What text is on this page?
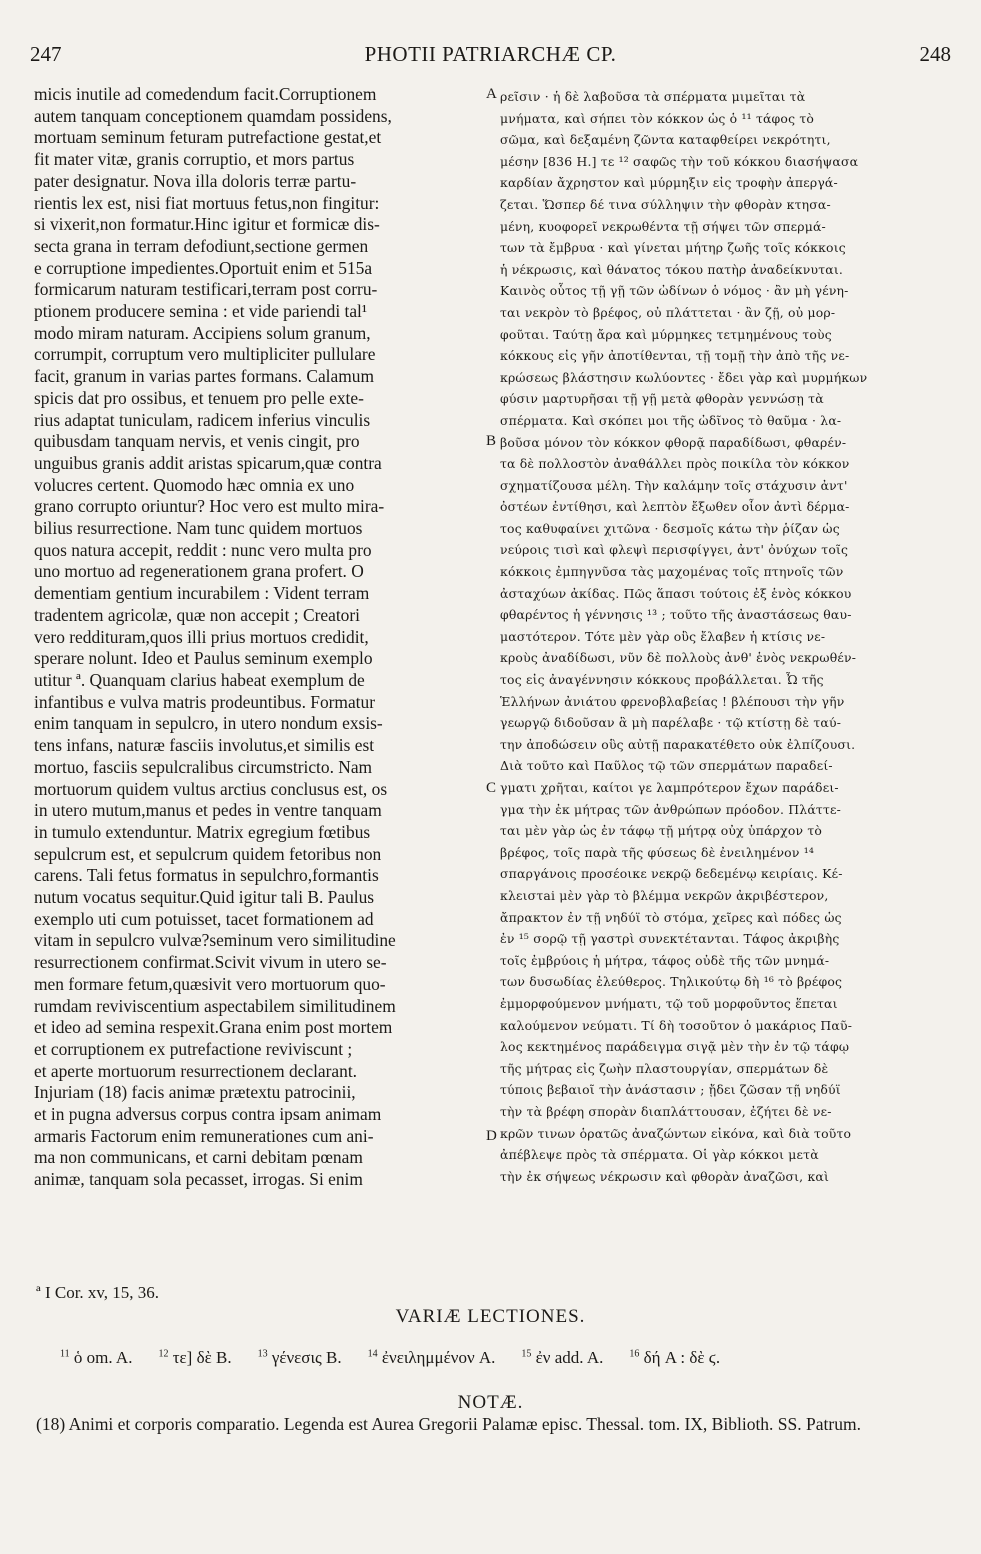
247	PHOTII PATRIARCHÆ CP.	248
micis inutile ad comedendum facit.Corruptionem
autem tanquam conceptionem quamdam possidens,
mortuam seminum feturam putrefactione gestat,et
fit mater vitæ, granis corruptio, et mors partus
pater designatur. Nova illa doloris terræ partu-
rientis lex est, nisi fiat mortuus fetus,non fingitur:
si vixerit,non formatur.Hinc igitur et formicæ dis-
secta grana in terram defodiunt,sectione germen
e corruptione impedientes.Oportuit enim et 515a
formicarum naturam testificari,terram post corru-
ptionem producere semina : et vide pariendi tal¹
modo miram naturam. Accipiens solum granum,
corrumpit, corruptum vero multipliciter pullulare
facit, granum in varias partes formans. Calamum
spicis dat pro ossibus, et tenuem pro pelle exte-
rius adaptat tuniculam, radicem inferius vinculis
quibusdam tanquam nervis, et venis cingit, pro
unguibus granis addit aristas spicarum,quæ contra
volucres certent. Quomodo hæc omnia ex uno
grano corrupto oriuntur? Hoc vero est multo mira-
bilius resurrectione. Nam tunc quidem mortuos
quos natura accepit, reddit : nunc vero multa pro
uno mortuo ad regenerationem grana profert. O
dementiam gentium incurabilem : Vident terram
tradentem agricolæ, quæ non accepit ; Creatori
vero reddituram,quos illi prius mortuos credidit,
sperare nolunt. Ideo et Paulus seminum exemplo
utitur ª. Quanquam clarius habeat exemplum de
infantibus e vulva matris prodeuntibus. Formatur
enim tanquam in sepulcro, in utero nondum exsis-
tens infans, naturæ fasciis involutus,et similis est
mortuo, fasciis sepulcralibus circumstricto. Nam
mortuorum quidem vultus arctius conclusus est, os
in utero mutum,manus et pedes in ventre tanquam
in tumulo extenduntur. Matrix egregium fœtibus
sepulcrum est, et sepulcrum quidem fetoribus non
carens. Tali fetus formatus in sepulchro,formantis
nutum vocatus sequitur.Quid igitur tali B. Paulus
exemplo uti cum potuisset, tacet formationem ad
vitam in sepulcro vulvæ?seminum vero similitudine
resurrectionem confirmat.Scivit vivum in utero se-
men formare fetum,quæsivit vero mortuorum quo-
rumdam reviviscentium aspectabilem similitudinem
et ideo ad semina respexit.Grana enim post mortem
et corruptionem ex putrefactione reviviscunt ;
et aperte mortuorum resurrectionem declarant.
Injuriam (18) facis animæ prætextu patrocinii,
et in pugna adversus corpus contra ipsam animam
armaris Factorum enim remunerationes cum ani-
ma non communicans, et carni debitam pœnam
animæ, tanquam sola pecasset, irrogas. Si enim
A
B
C
D
ρεῖσιν · ἡ δὲ λαβοῦσα τὰ σπέρματα μιμεῖται τὰ
μνήματα, καὶ σήπει τὸν κόκκον ὡς ὁ ¹¹ τάφος τὸ
σῶμα, καὶ δεξαμένη ζῶντα καταφθείρει νεκρότητι,
μέσην [836 H.] τε ¹² σαφῶς τὴν τοῦ κόκκου διασήψασα
καρδίαν ἄχρηστον καὶ μύρμηξιν εἰς τροφὴν ἀπεργά-
ζεται. Ὥσπερ δέ τινα σύλληψιν τὴν φθορὰν κτησα-
μένη, κυοφορεῖ νεκρωθέντα τῇ σήψει τῶν σπερμά-
των τὰ ἔμβρυα · καὶ γίνεται μήτηρ ζωῆς τοῖς κόκκοις
ἡ νέκρωσις, καὶ θάνατος τόκου πατὴρ ἀναδείκνυται.
Καινὸς οὗτος τῇ γῇ τῶν ὠδίνων ὁ νόμος · ἂν μὴ γένη-
ται νεκρὸν τὸ βρέφος, οὐ πλάττεται · ἂν ζῇ, οὐ μορ-
φοῦται. Ταύτῃ ἄρα καὶ μύρμηκες τετμημένους τοὺς
κόκκους εἰς γῆν ἀποτίθενται, τῇ τομῇ τὴν ἀπὸ τῆς νε-
κρώσεως βλάστησιν κωλύοντες · ἔδει γὰρ καὶ μυρμήκων
φύσιν μαρτυρῆσαι τῇ γῇ μετὰ φθορὰν γεννώσῃ τὰ
σπέρματα. Καὶ σκόπει μοι τῆς ὠδῖνος τὸ θαῦμα · λα-
βοῦσα μόνον τὸν κόκκον φθορᾷ παραδίδωσι, φθαρέν-
τα δὲ πολλοστὸν ἀναθάλλει πρὸς ποικίλα τὸν κόκκον
σχηματίζουσα μέλη. Τὴν καλάμην τοῖς στάχυσιν ἀντ'
ὀστέων ἐντίθησι, καὶ λεπτὸν ἔξωθεν οἷον ἀντὶ δέρμα-
τος καθυφαίνει χιτῶνα · δεσμοῖς κάτω τὴν ῥίζαν ὡς
νεύροις τισὶ καὶ φλεψὶ περισφίγγει, ἀντ' ὀνύχων τοῖς
κόκκοις ἐμπηγνῦσα τὰς μαχομένας τοῖς πτηνοῖς τῶν
ἀσταχύων ἀκίδας. Πῶς ἅπασι τούτοις ἐξ ἑνὸς κόκκου
φθαρέντος ἡ γέννησις ¹³ ; τοῦτο τῆς ἀναστάσεως θαυ-
μαστότερον. Τότε μὲν γὰρ οὓς ἔλαβεν ἡ κτίσις νε-
κροὺς ἀναδίδωσι, νῦν δὲ πολλοὺς ἀνθ' ἑνὸς νεκρωθέν-
τος εἰς ἀναγέννησιν κόκκους προβάλλεται. Ὦ τῆς
Ἑλλήνων ἀνιάτου φρενοβλαβείας ! βλέπουσι τὴν γῆν
γεωργῷ διδοῦσαν ἃ μὴ παρέλαβε · τῷ κτίστῃ δὲ ταύ-
την ἀποδώσειν οὓς αὐτῇ παρακατέθετο οὐκ ἐλπίζουσι.
Διὰ τοῦτο καὶ Παῦλος τῷ τῶν σπερμάτων παραδεί-
γματι χρῆται, καίτοι γε λαμπρότερον ἔχων παράδει-
γμα τὴν ἐκ μήτρας τῶν ἀνθρώπων πρόοδον. Πλάττε-
ται μὲν γὰρ ὡς ἐν τάφῳ τῇ μήτρᾳ οὐχ ὑπάρχον τὸ
βρέφος, τοῖς παρὰ τῆς φύσεως δὲ ἐνειλημένον ¹⁴
σπαργάνοις προσέοικε νεκρῷ δεδεμένῳ κειρίαις. Κέ-
κλειστai μὲν γὰρ τὸ βλέμμα νεκρῶν ἀκριβέστερον,
ἄπρακτον ἐν τῇ νηδύϊ τὸ στόμα, χεῖρες καὶ πόδες ὡς
ἐν ¹⁵ σορῷ τῇ γαστρὶ συνεκτέτανται. Τάφος ἀκριβὴς
τοῖς ἐμβρύοις ἡ μήτρα, τάφος οὐδὲ τῆς τῶν μνημά-
των δυσωδίας ἐλεύθερος. Τηλικούτῳ δὴ ¹⁶ τὸ βρέφος
ἐμμορφούμενον μνήματι, τῷ τοῦ μορφοῦντος ἕπεται
καλούμενον νεύματι. Τί δὴ τοσοῦτον ὁ μακάριος Παῦ-
λος κεκτημένος παράδειγμα σιγᾷ μὲν τὴν ἐν τῷ τάφῳ
τῆς μήτρας εἰς ζωὴν πλαστουργίαν, σπερμάτων δὲ
τύποις βεβαιοῖ τὴν ἀνάστασιν ; ᾔδει ζῶσαν τῇ νηδύϊ
τὴν τὰ βρέφη σπορὰν διαπλάττουσαν, ἐζήτει δὲ νε-
κρῶν τινων ὁρατῶς ἀναζώντων εἰκόνα, καὶ διὰ τοῦτο
ἀπέβλεψε πρὸς τὰ σπέρματα. Οἱ γὰρ κόκκοι μετὰ
τὴν ἐκ σήψεως νέκρωσιν καὶ φθορὰν ἀναζῶσι, καὶ
ª I Cor. xv, 15, 36.
VARIÆ LECTIONES.
$^{11}$ ὁ om. A.	$^{12}$ τε] δὲ B.	$^{13}$ γένεσις B.	$^{14}$ ἐνειλημμένον A.	$^{15}$ ἐν add. A.	$^{16}$ δή A : δὲ ϛ.
NOTÆ.
(18) Animi et corporis comparatio. Legenda est Aurea Gregorii Palamæ episc. Thessal. tom. IX, Biblioth. SS. Patrum.
